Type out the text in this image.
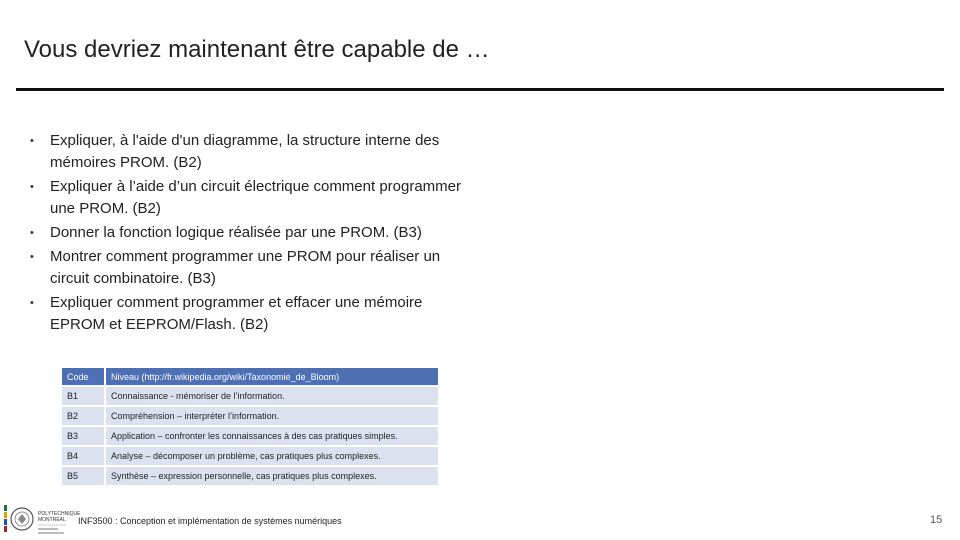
Vous devriez maintenant être capable de …
• Expliquer, à l'aide d'un diagramme, la structure interne des mémoires PROM. (B2)
• Expliquer à l’aide d’un circuit électrique comment programmer une PROM. (B2)
• Donner la fonction logique réalisée par une PROM. (B3)
• Montrer comment programmer une PROM pour réaliser un circuit combinatoire. (B3)
• Expliquer comment programmer et effacer une mémoire EPROM et EEPROM/Flash. (B2)
Code	Niveau (http://fr.wikipedia.org/wiki/Taxonomie_de_Bloom)
B1	Connaissance - mémoriser de l’information.
B2	Compréhension – interpréter l’information.
B3	Application – confronter les connaissances à des cas pratiques simples.
B4	Analyse – décomposer un problème, cas pratiques plus complexes.
B5	Synthèse – expression personnelle, cas pratiques plus complexes.
POLYTECHNIQUE
MONTRÉAL INF3500 : Conception et implémentation de systèmes numériques	15
